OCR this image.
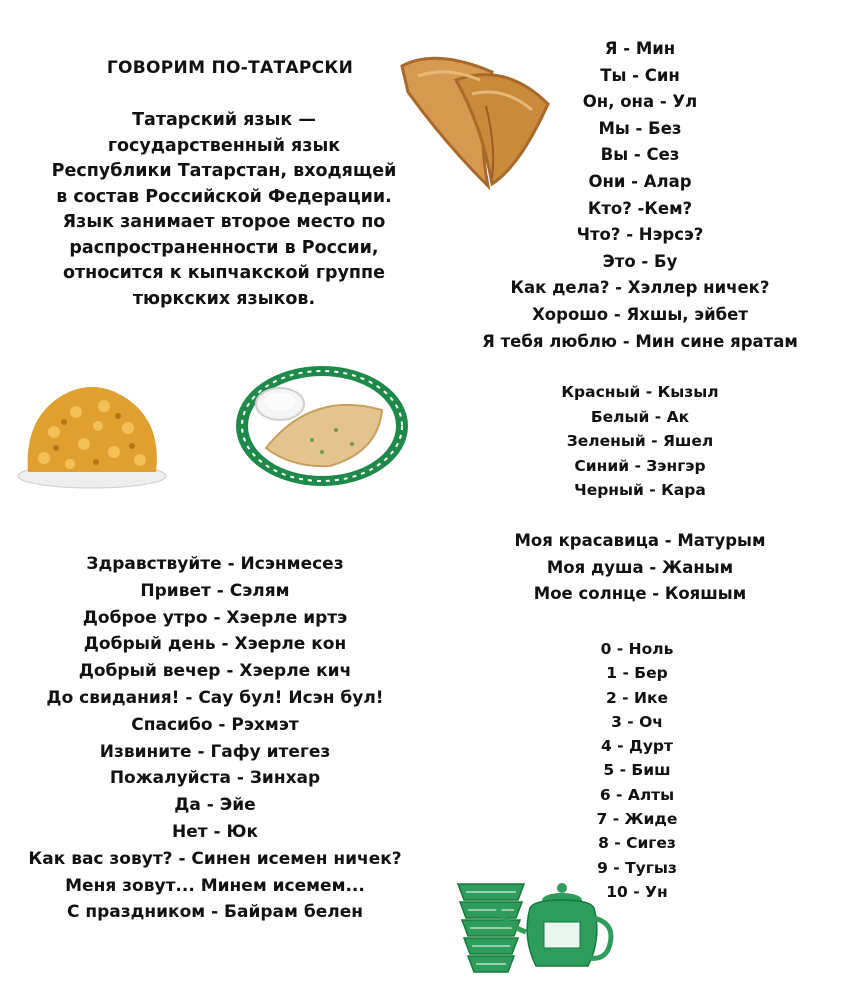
ГОВОРИМ ПО-ТАТАРСКИ
Татарский язык —
государственный язык
Республики Татарстан, входящей
в состав Российской Федерации.
Язык занимает второе место по
распространенности в России,
относится к кыпчакской группе
тюркских языков.
Я - Мин
Ты - Син
Он, она - Ул
Мы - Без
Вы - Сез
Они - Алар
Кто? -Кем?
Что? - Нэрсэ?
Это - Бу
Как дела? - Хэллер ничек?
Хорошо - Яхшы, эйбет
Я тебя люблю - Мин сине яратам
Красный - Кызыл
Белый - Ак
Зеленый - Яшел
Синий - Зэнгэр
Черный - Кара
Моя красавица - Матурым
Моя душа - Жаным
Мое солнце - Кояшым
0 - Ноль
1 - Бер
2 - Ике
3 - Оч
4 - Дурт
5 - Биш
6 - Алты
7 - Жиде
8 - Сигез
9 - Тугыз
10 - Ун
Здравствуйте - Исэнмесез
Привет - Сэлям
Доброе утро - Хэерле иртэ
Добрый день - Хэерле кон
Добрый вечер - Хэерле кич
До свидания! - Сау бул! Исэн бул!
Спасибо - Рэхмэт
Извините - Гафу итегез
Пожалуйста - Зинхар
Да - Эйе
Нет - Юк
Как вас зовут? - Синен исемен ничек?
Меня зовут... Минем исемем...
С праздником - Байрам белен
